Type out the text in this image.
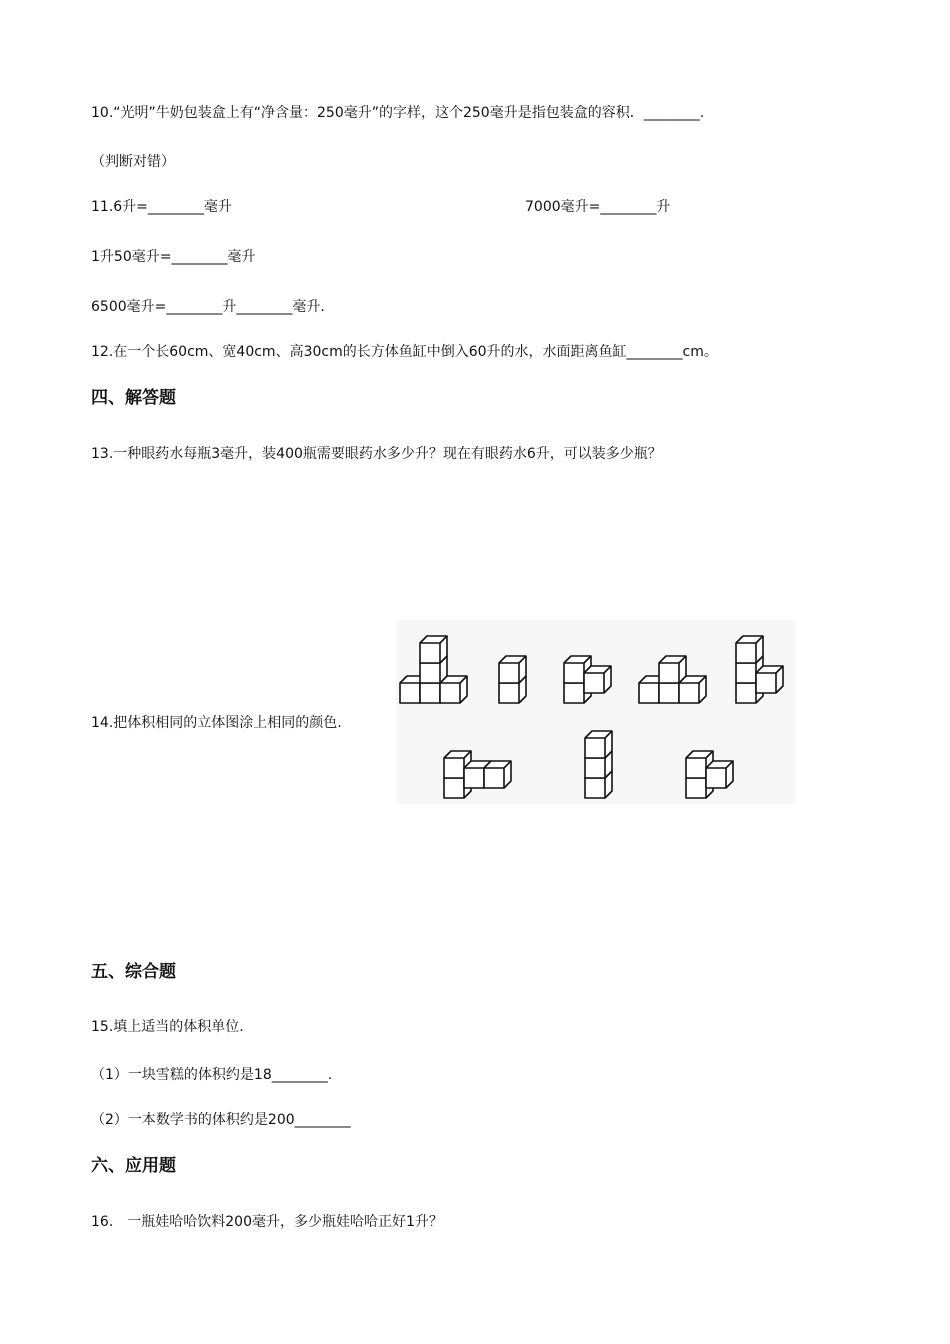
10.“光明”牛奶包装盒上有“净含量：250毫升”的字样，这个250毫升是指包装盒的容积．________.
（判断对错）
11.6升=________毫升	7000毫升=________升
1升50毫升=________毫升
6500毫升=________升________毫升.
12.在一个长60cm、宽40cm、高30cm的长方体鱼缸中倒入60升的水，水面距离鱼缸________cm。
四、解答题
13.一种眼药水每瓶3毫升，装400瓶需要眼药水多少升？现在有眼药水6升，可以装多少瓶？
14.把体积相同的立体图涂上相同的颜色.
五、综合题
15.填上适当的体积单位.
（1）一块雪糕的体积约是18________.
（2）一本数学书的体积约是200________
六、应用题
16.　一瓶娃哈哈饮料200毫升，多少瓶娃哈哈正好1升？
